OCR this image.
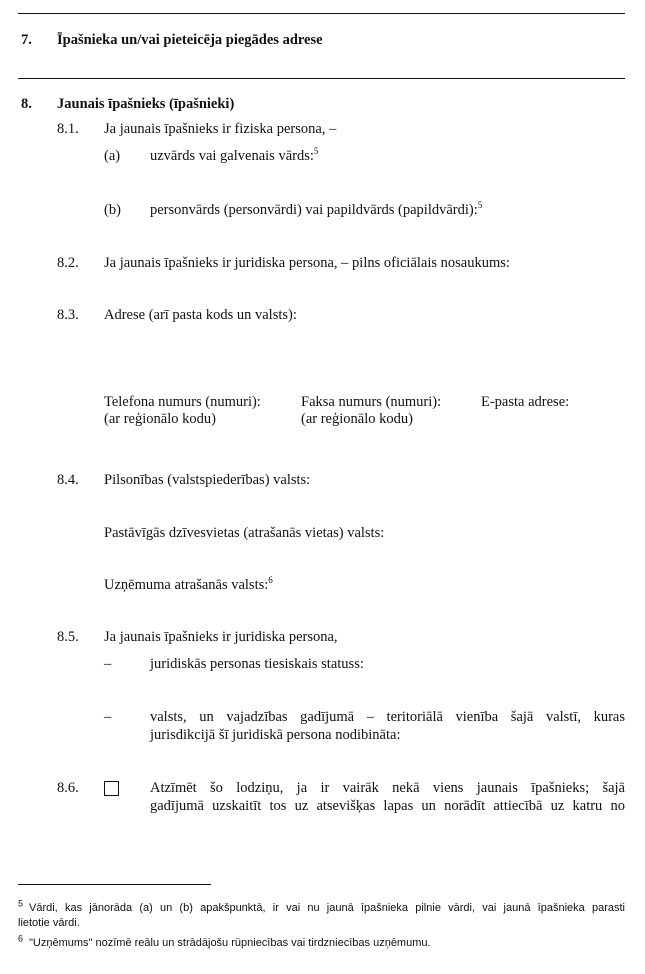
7. Īpašnieka un/vai pieteicēja piegādes adrese
8. Jaunais īpašnieks (īpašnieki)
8.1. Ja jaunais īpašnieks ir fiziska persona, –
(a) uzvārds vai galvenais vārds:$^5$
(b) personvārds (personvārdi) vai papildvārds (papildvārdi):$^5$
8.2. Ja jaunais īpašnieks ir juridiska persona, – pilns oficiālais nosaukums:
8.3. Adrese (arī pasta kods un valsts):
Telefona numurs (numuri):
(ar reģionālo kodu)
Faksa numurs (numuri):
(ar reģionālo kodu)
E-pasta adrese:
8.4. Pilsonības (valstspiederības) valsts:
Pastāvīgās dzīvesvietas (atrašanās vietas) valsts:
Uzņēmuma atrašanās valsts:$^6$
8.5. Ja jaunais īpašnieks ir juridiska persona,
–	juridiskās personas tiesiskais statuss:
–	valsts, un vajadzības gadījumā – teritoriālā vienība šajā valstī, kuras
jurisdikcijā šī juridiskā persona nodibināta:
8.6.	Atzīmēt šo lodziņu, ja ir vairāk nekā viens jaunais īpašnieks; šajā
gadījumā uzskaitīt tos uz atsevišķas lapas un norādīt attiecībā uz katru no
$^5$ Vārdi, kas jānorāda (a) un (b) apakšpunktā, ir vai nu jaunā īpašnieka pilnie vārdi, vai jaunā īpašnieka parasti
lietotie vārdi.
$^6$ "Uzņēmums" nozīmē reālu un strādājošu rūpniecības vai tirdzniecības uzņēmumu.
